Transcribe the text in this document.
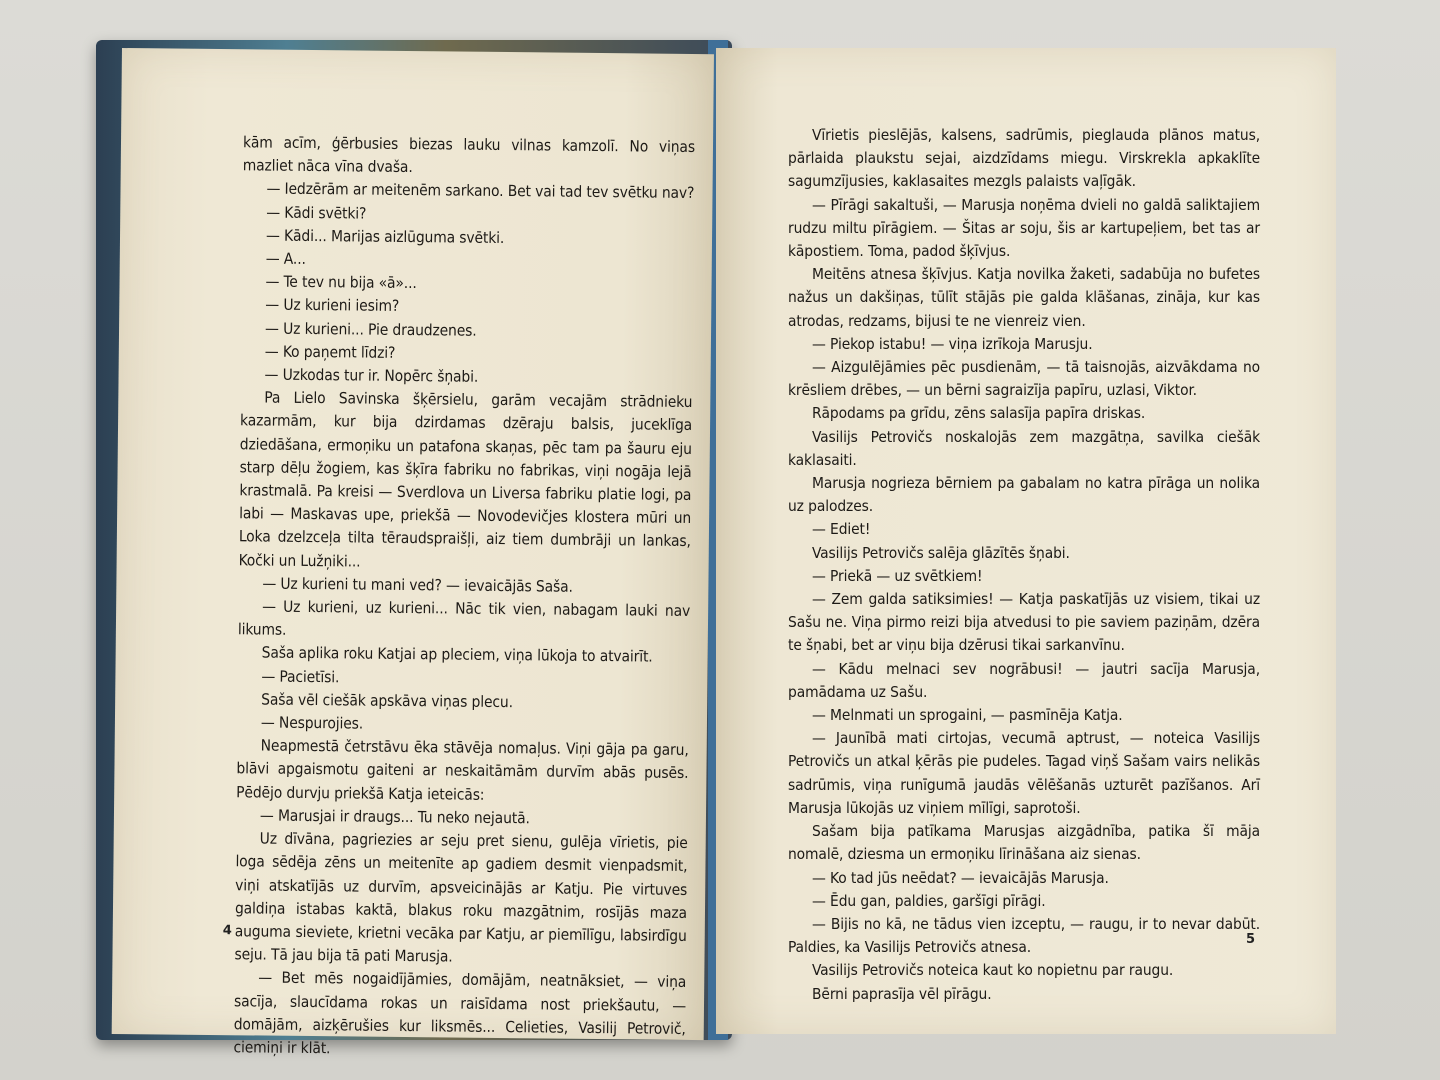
kām acīm, ģērbusies biezas lauku vilnas kamzolī. No viņas mazliet nāca vīna dvaša.

— Iedzērām ar meitenēm sarkano. Bet vai tad tev svētku nav?

— Kādi svētki?

— Kādi... Marijas aizlūguma svētki.

— A...

— Te tev nu bija «ā»...

— Uz kurieni iesim?

— Uz kurieni... Pie draudzenes.

— Ko paņemt līdzi?

— Uzkodas tur ir. Nopērc šņabi.

Pa Lielo Savinska šķērsielu, garām vecajām strādnieku kazarmām, kur bija dzirdamas dzēraju balsis, juceklīga dziedāšana, ermoņiku un patafona skaņas, pēc tam pa šauru eju starp dēļu žogiem, kas šķīra fabriku no fabrikas, viņi nogāja lejā krastmalā. Pa kreisi — Sverdlova un Liversa fabriku platie logi, pa labi — Maskavas upe, priekšā — Novodevičjes klostera mūri un Loka dzelzceļa tilta tēraudspraišļi, aiz tiem dumbrāji un lankas, Kočki un Lužņiki...

— Uz kurieni tu mani ved? — ievaicājās Saša.

— Uz kurieni, uz kurieni... Nāc tik vien, nabagam lauki nav likums.

Saša aplika roku Katjai ap pleciem, viņa lūkoja to atvairīt.

— Pacietīsi.

Saša vēl ciešāk apskāva viņas plecu.

— Nespurojies.

Neapmestā četrstāvu ēka stāvēja nomaļus. Viņi gāja pa garu, blāvi apgaismotu gaiteni ar neskaitāmām durvīm abās pusēs. Pēdējo durvju priekšā Katja ieteicās:

— Marusjai ir draugs... Tu neko nejautā.

Uz dīvāna, pagriezies ar seju pret sienu, gulēja vīrietis, pie loga sēdēja zēns un meitenīte ap gadiem desmit vienpadsmit, viņi atskatījās uz durvīm, apsveicinājās ar Katju. Pie virtuves galdiņa istabas kaktā, blakus roku mazgātnim, rosījās maza auguma sieviete, krietni vecāka par Katju, ar piemīlīgu, labsirdīgu seju. Tā jau bija tā pati Marusja.

— Bet mēs nogaidījāmies, domājām, neatnāksiet, — viņa sacīja, slaucīdama rokas un raisīdama nost priekšautu, — domājām, aizķērušies kur liksmēs... Celieties, Vasilij Petrovič, ciemiņi ir klāt.

4

Vīrietis pieslējās, kalsens, sadrūmis, pieglauda plānos matus, pārlaida plaukstu sejai, aizdzīdams miegu. Virskrekla apkaklīte sagumzījusies, kaklasaites mezgls palaists vaļīgāk.

— Pīrāgi sakaltuši, — Marusja noņēma dvieli no galdā saliktajiem rudzu miltu pīrāgiem. — Šitas ar soju, šis ar kartupeļiem, bet tas ar kāpostiem. Toma, padod šķīvjus.

Meitēns atnesa šķīvjus. Katja novilka žaketi, sadabūja no bufetes nažus un dakšiņas, tūlīt stājās pie galda klāšanas, zināja, kur kas atrodas, redzams, bijusi te ne vienreiz vien.

— Piekop istabu! — viņa izrīkoja Marusju.

— Aizgulējāmies pēc pusdienām, — tā taisnojās, aizvākdama no krēsliem drēbes, — un bērni sagraizīja papīru, uzlasi, Viktor.

Rāpodams pa grīdu, zēns salasīja papīra driskas.

Vasilijs Petrovičs noskalojās zem mazgātņa, savilka ciešāk kaklasaiti.

Marusja nogrieza bērniem pa gabalam no katra pīrāga un nolika uz palodzes.

— Ediet!

Vasilijs Petrovičs salēja glāzītēs šņabi.

— Priekā — uz svētkiem!

— Zem galda satiksimies! — Katja paskatījās uz visiem, tikai uz Sašu ne. Viņa pirmo reizi bija atvedusi to pie saviem paziņām, dzēra te šņabi, bet ar viņu bija dzērusi tikai sarkanvīnu.

— Kādu melnaci sev nogrābusi! — jautri sacīja Marusja, pamādama uz Sašu.

— Melnmati un sprogaini, — pasmīnēja Katja.

— Jaunībā mati cirtojas, vecumā aptrust, — noteica Vasilijs Petrovičs un atkal ķērās pie pudeles. Tagad viņš Sašam vairs nelikās sadrūmis, viņa runīgumā jaudās vēlēšanās uzturēt pazīšanos. Arī Marusja lūkojās uz viņiem mīlīgi, saprotoši.

Sašam bija patīkama Marusjas aizgādnība, patika šī māja nomalē, dziesma un ermoņiku līrināšana aiz sienas.

— Ko tad jūs neēdat? — ievaicājās Marusja.

— Ēdu gan, paldies, garšīgi pīrāgi.

— Bijis no kā, ne tādus vien izceptu, — raugu, ir to nevar dabūt. Paldies, ka Vasilijs Petrovičs atnesa.

Vasilijs Petrovičs noteica kaut ko nopietnu par raugu.

Bērni paprasīja vēl pīrāgu.

5
